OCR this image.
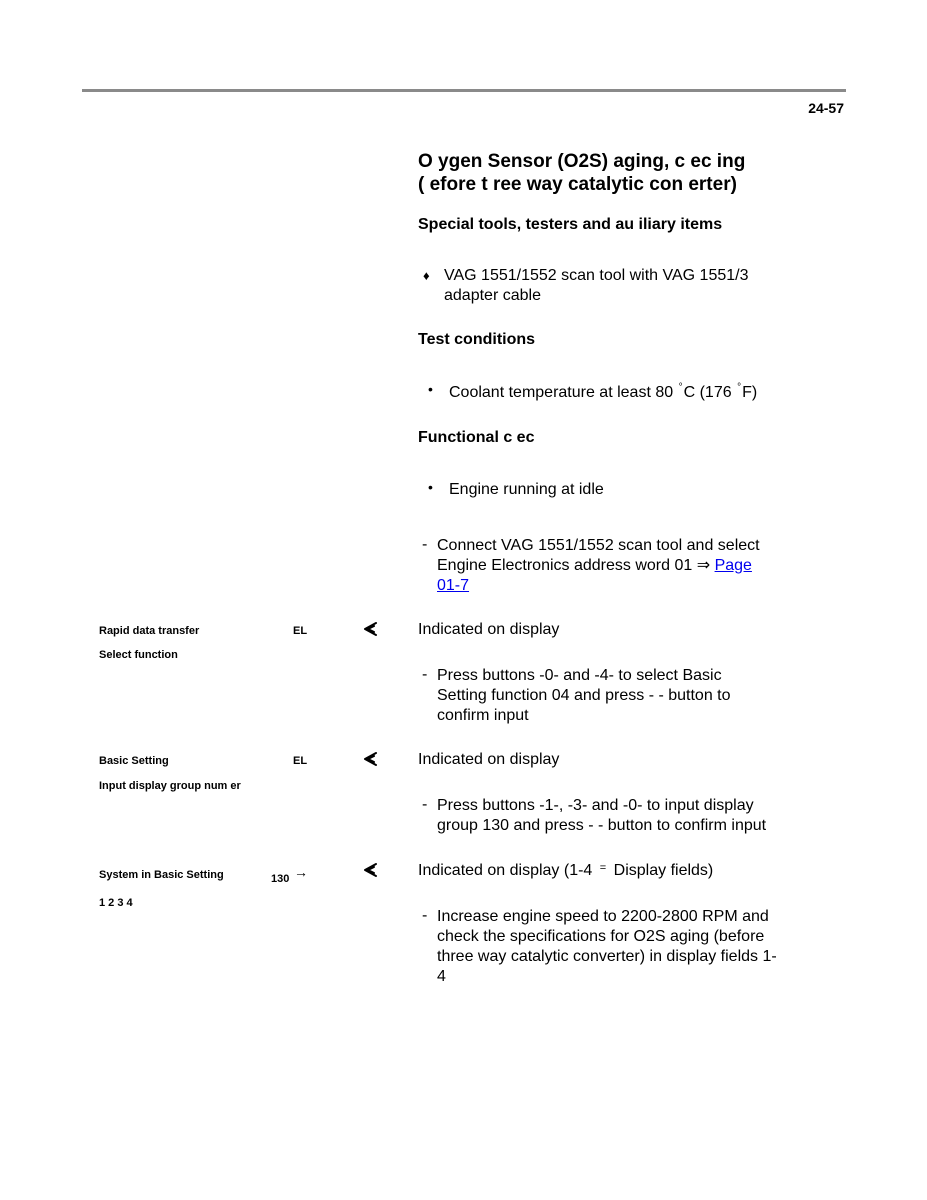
24-57
O ygen Sensor (O2S) aging, c ec ing
( efore t ree way catalytic con erter)
Special tools, testers and au iliary items
♦ VAG 1551/1552 scan tool with VAG 1551/3
adapter cable
Test conditions
• Coolant temperature at least 80 °C (176 °F)
Functional c ec
• Engine running at idle
- Connect VAG 1551/1552 scan tool and select
Engine Electronics address word 01 ⇒ Page
01-7
Rapid data transfer	EL
Select function
Indicated on display
- Press buttons -0- and -4- to select Basic
Setting function 04 and press - - button to
confirm input
Basic Setting	EL
Input display group num er
Indicated on display
- Press buttons -1-, -3- and -0- to input display
group 130 and press - - button to confirm input
System in Basic Setting	130 →
1 2 3 4
Indicated on display (1-4 = Display fields)
- Increase engine speed to 2200-2800 RPM and
check the specifications for O2S aging (before
three way catalytic converter) in display fields 1-
4
